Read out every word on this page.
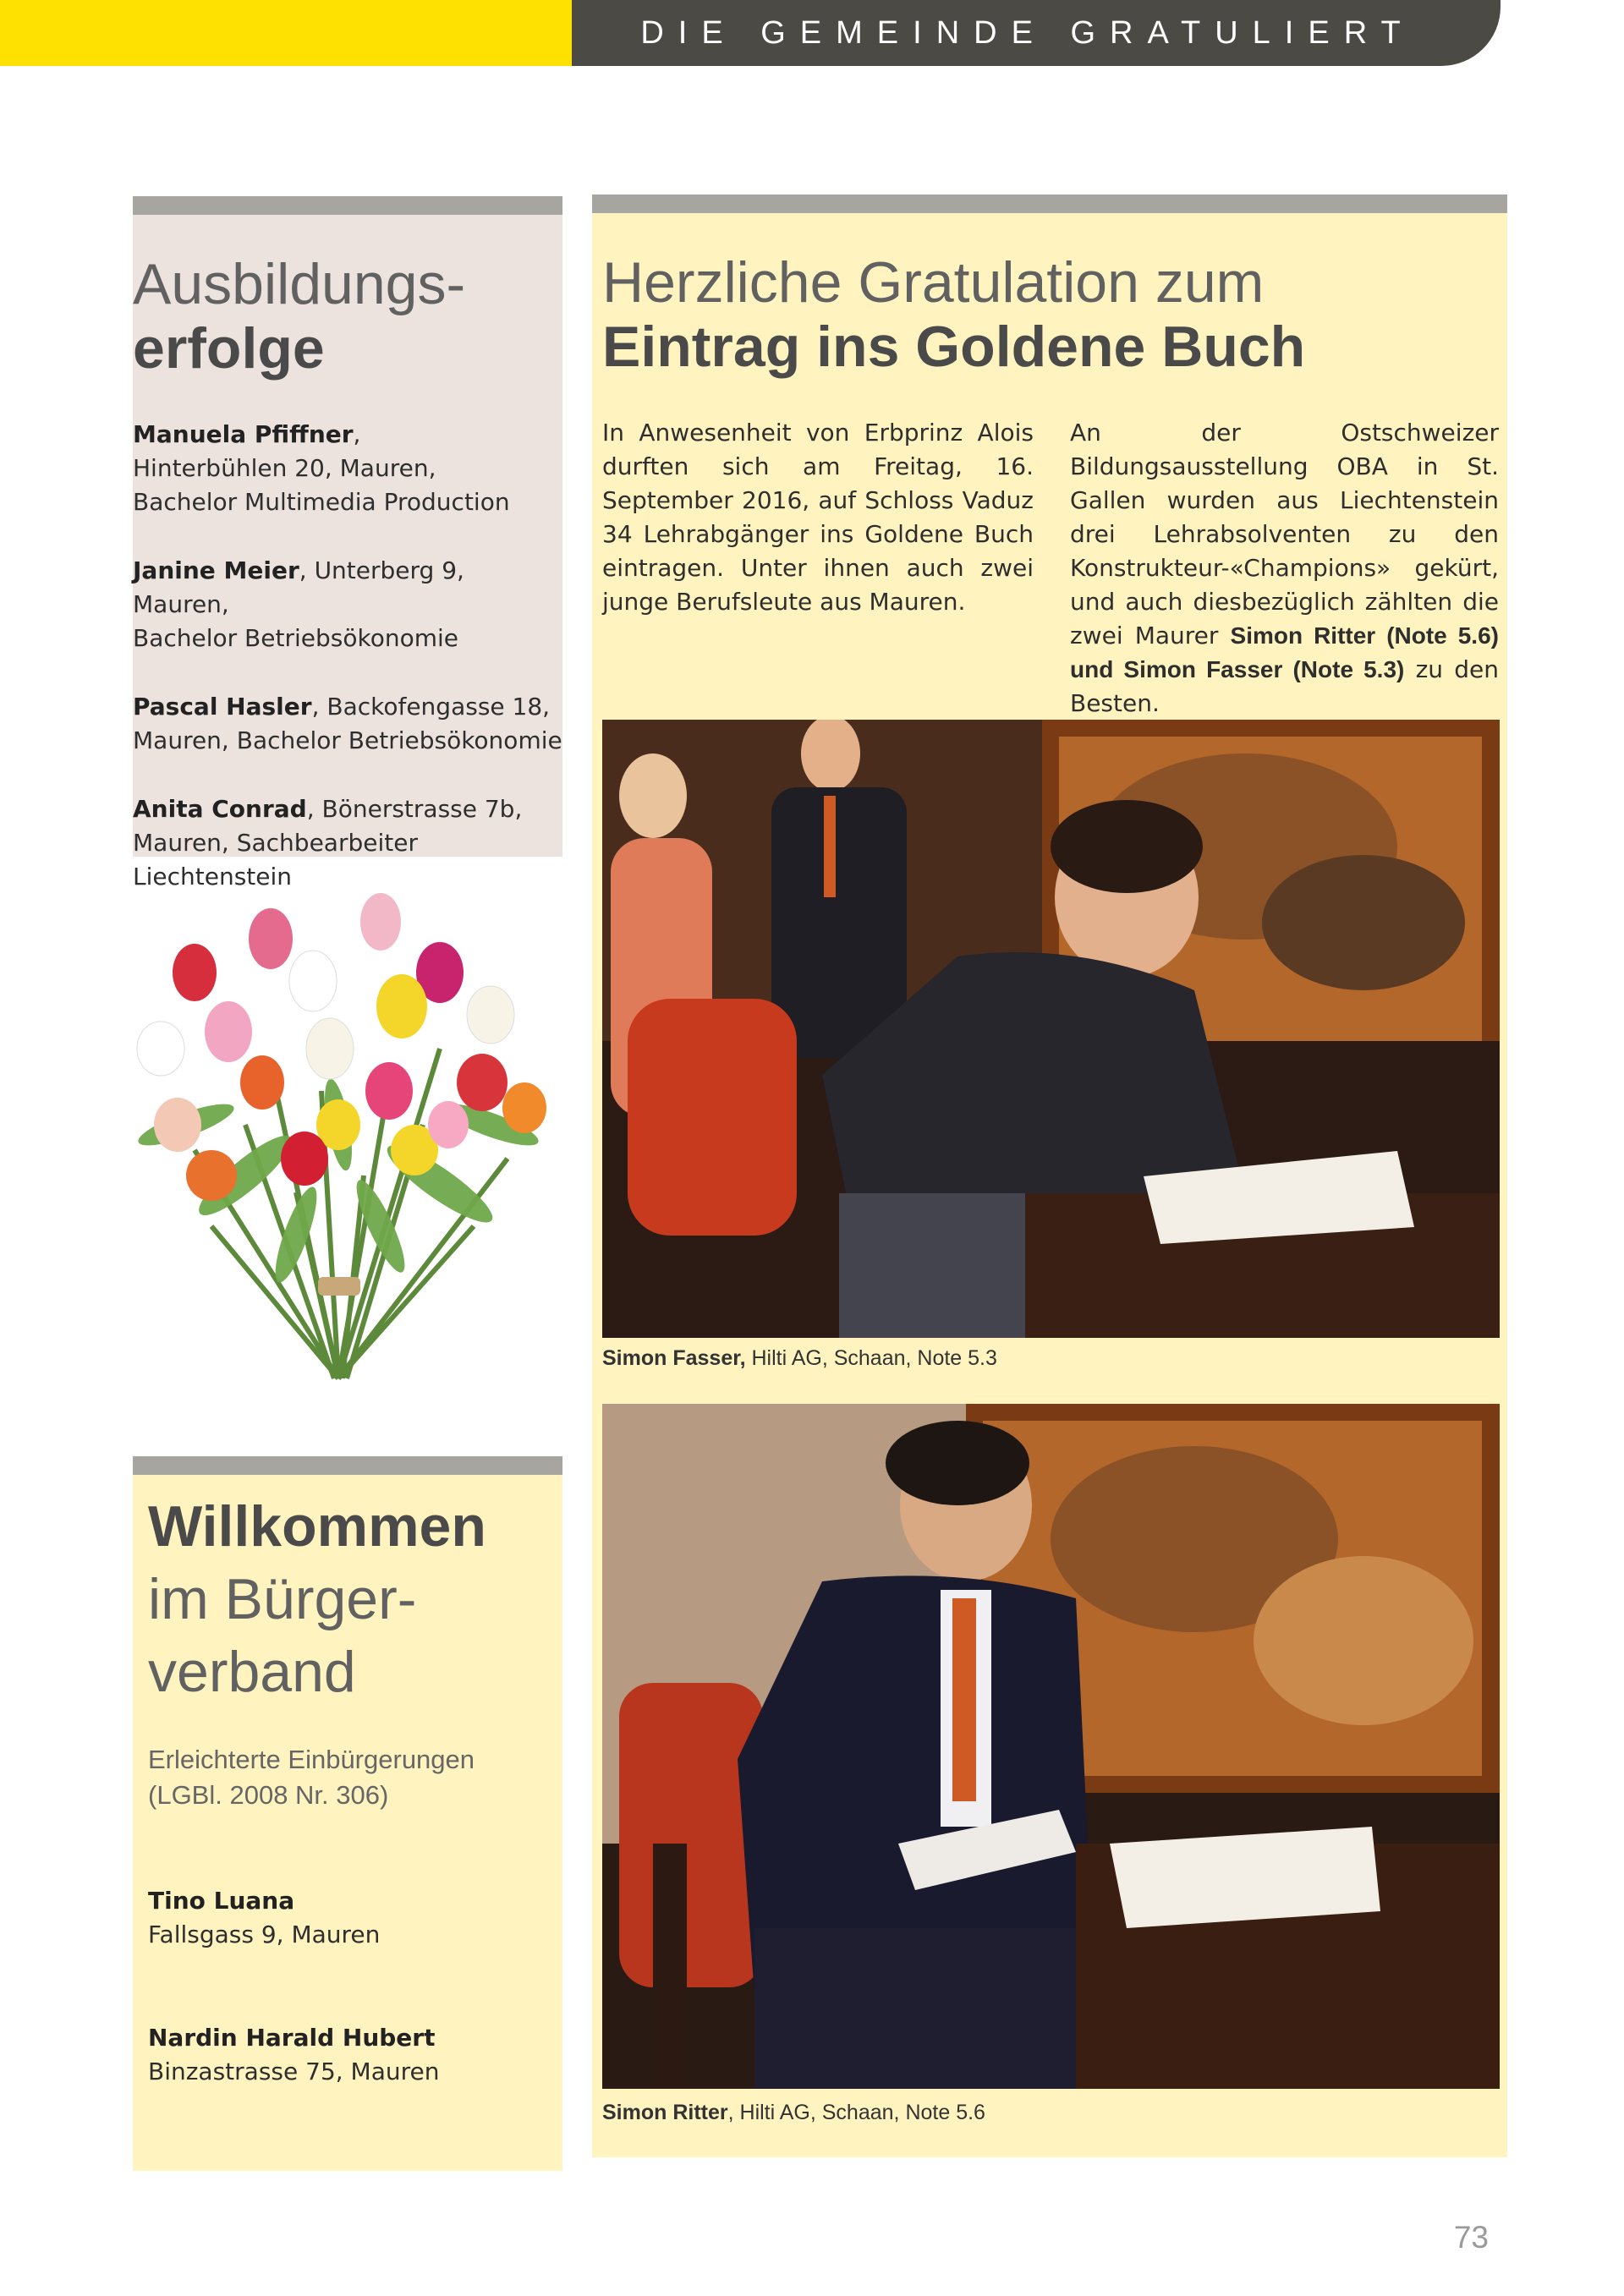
DIE GEMEINDE GRATULIERT
Ausbildungs-
erfolge
Manuela Pfiffner,
Hinterbühlen 20, Mauren,
Bachelor Multimedia Production
Janine Meier, Unterberg 9, Mauren,
Bachelor Betriebsökonomie
Pascal Hasler, Backofengasse 18,
Mauren, Bachelor Betriebsökonomie
Anita Conrad, Bönerstrasse 7b,
Mauren, Sachbearbeiter Liechtenstein
Herzliche Gratulation zum
Eintrag ins Goldene Buch
In Anwesenheit von Erbprinz Alois durften sich am Freitag, 16. September 2016, auf Schloss Vaduz 34 Lehrabgänger ins Goldene Buch eintragen. Unter ihnen auch zwei junge Berufsleute aus Mauren.
An der Ostschweizer Bildungsausstellung OBA in St. Gallen wurden aus Liechtenstein drei Lehrabsolventen zu den Konstrukteur-«Champions» gekürt, und auch diesbezüglich zählten die zwei Maurer Simon Ritter (Note 5.6) und Simon Fasser (Note 5.3) zu den Besten.
Simon Fasser, Hilti AG, Schaan, Note 5.3
Simon Ritter, Hilti AG, Schaan, Note 5.6
Willkommen
im Bürger-
verband
Erleichterte Einbürgerungen
(LGBl. 2008 Nr. 306)
Tino Luana
Fallsgass 9, Mauren
Nardin Harald Hubert
Binzastrasse 75, Mauren
73
